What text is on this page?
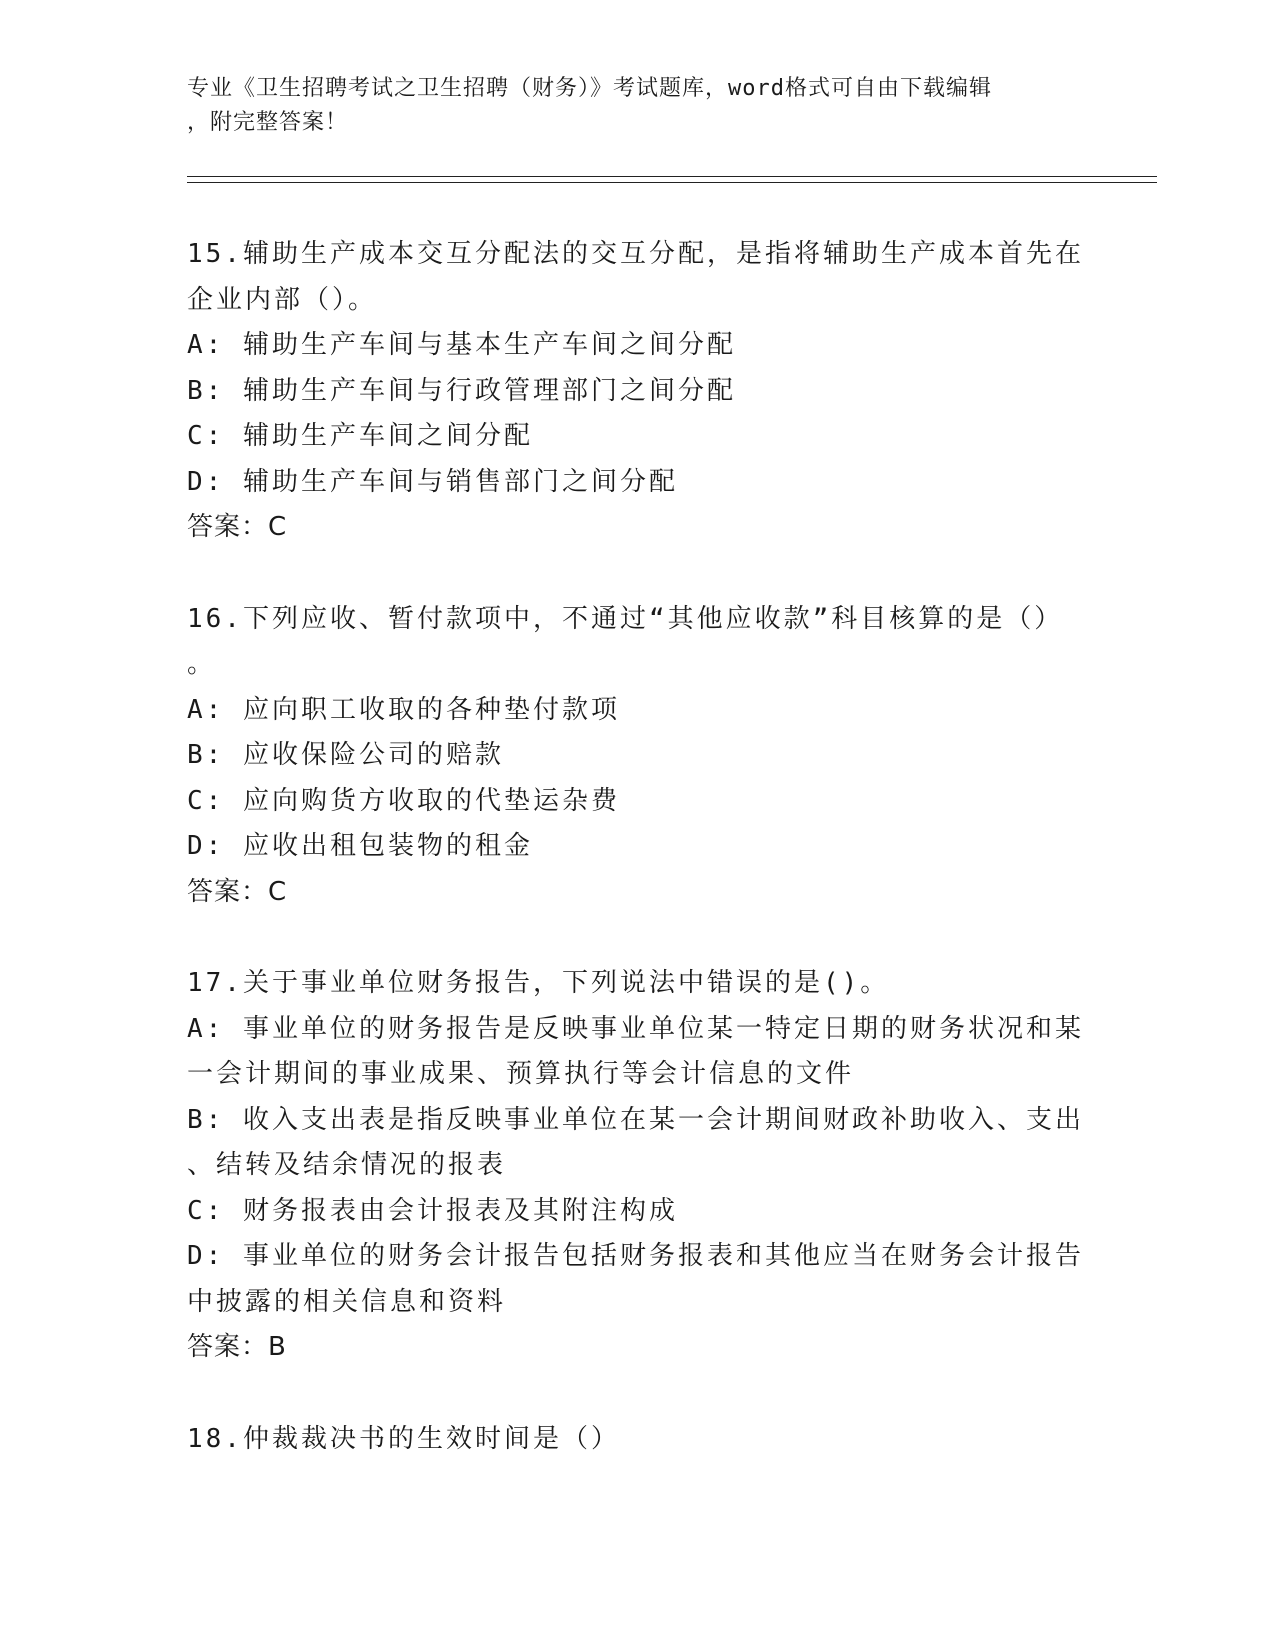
专业《卫生招聘考试之卫生招聘（财务）》考试题库，word格式可自由下载编辑
，附完整答案！
15.辅助生产成本交互分配法的交互分配，是指将辅助生产成本首先在
企业内部（）。
A: 辅助生产车间与基本生产车间之间分配
B: 辅助生产车间与行政管理部门之间分配
C: 辅助生产车间之间分配
D: 辅助生产车间与销售部门之间分配
答案：C
16.下列应收、暂付款项中，不通过“其他应收款”科目核算的是（）
。
A: 应向职工收取的各种垫付款项
B: 应收保险公司的赔款
C: 应向购货方收取的代垫运杂费
D: 应收出租包装物的租金
答案：C
17.关于事业单位财务报告，下列说法中错误的是()。
A: 事业单位的财务报告是反映事业单位某一特定日期的财务状况和某
一会计期间的事业成果、预算执行等会计信息的文件
B: 收入支出表是指反映事业单位在某一会计期间财政补助收入、支出
、结转及结余情况的报表
C: 财务报表由会计报表及其附注构成
D: 事业单位的财务会计报告包括财务报表和其他应当在财务会计报告
中披露的相关信息和资料
答案：B
18.仲裁裁决书的生效时间是（）
